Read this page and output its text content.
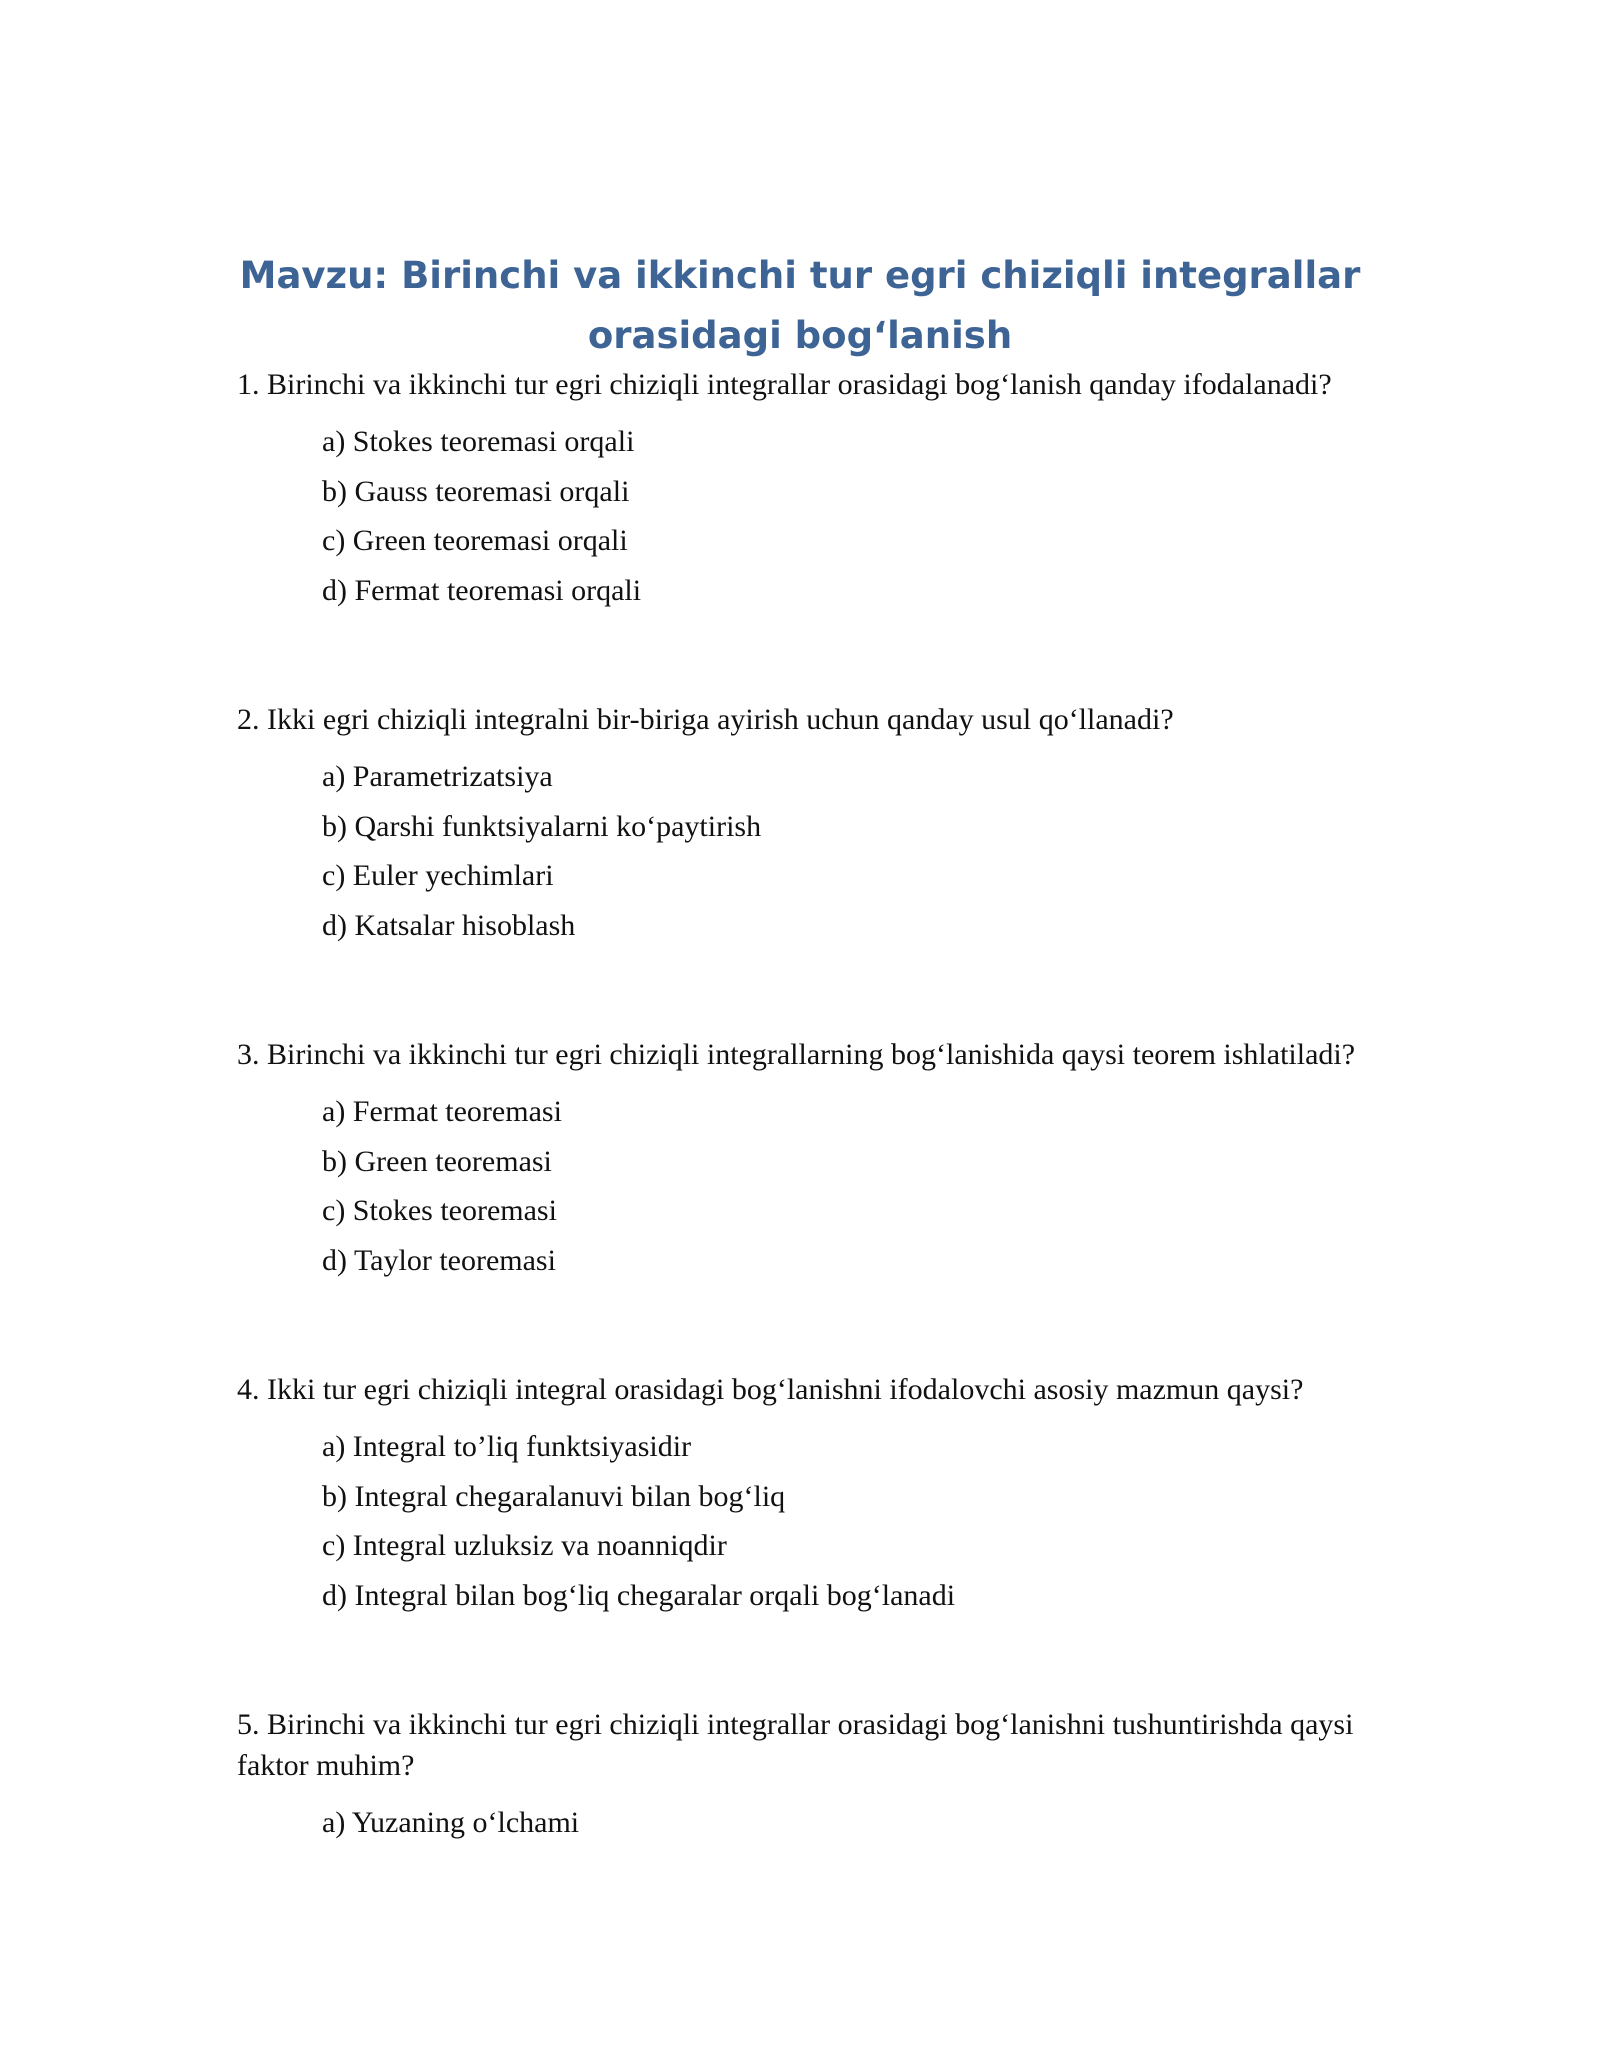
Mavzu: Birinchi va ikkinchi tur egri chiziqli integrallar orasidagi bog‘lanish

1. Birinchi va ikkinchi tur egri chiziqli integrallar orasidagi bog‘lanish qanday ifodalanadi?

a) Stokes teoremasi orqali
b) Gauss teoremasi orqali
c) Green teoremasi orqali
d) Fermat teoremasi orqali

2. Ikki egri chiziqli integralni bir-biriga ayirish uchun qanday usul qo‘llanadi?

a) Parametrizatsiya
b) Qarshi funktsiyalarni ko‘paytirish
c) Euler yechimlari
d) Katsalar hisoblash

3. Birinchi va ikkinchi tur egri chiziqli integrallarning bog‘lanishida qaysi teorem ishlatiladi?

a) Fermat teoremasi
b) Green teoremasi
c) Stokes teoremasi
d) Taylor teoremasi

4. Ikki tur egri chiziqli integral orasidagi bog‘lanishni ifodalovchi asosiy mazmun qaysi?

a) Integral to’liq funktsiyasidir
b) Integral chegaralanuvi bilan bog‘liq
c) Integral uzluksiz va noanniqdir
d) Integral bilan bog‘liq chegaralar orqali bog‘lanadi

5. Birinchi va ikkinchi tur egri chiziqli integrallar orasidagi bog‘lanishni tushuntirishda qaysi faktor muhim?

a) Yuzaning o‘lchami
